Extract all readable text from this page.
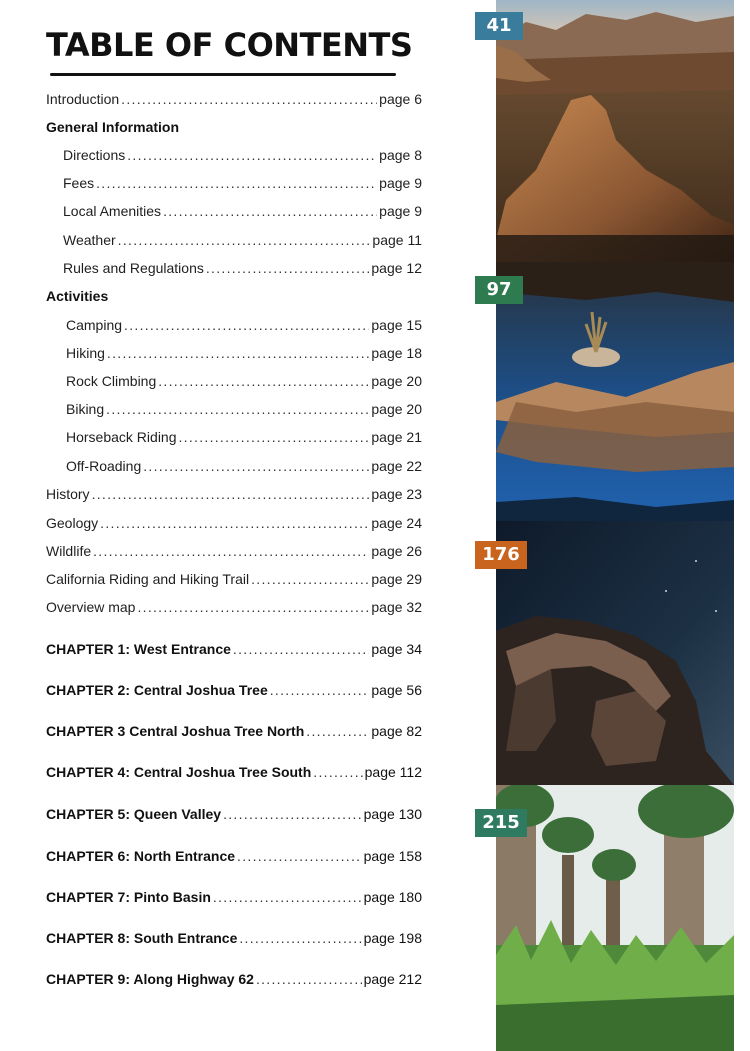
TABLE OF CONTENTS
Introduction . . .	page 6
General Information
Directions . . .	page 8
Fees . . .	page 9
Local Amenities . . .	page 9
Weather . . .	page 11
Rules and Regulations . . .	page 12
Activities
Camping . . .	page 15
Hiking . . .	page 18
Rock Climbing . . .	page 20
Biking . . .	page 20
Horseback Riding . . .	page 21
Off-Roading . . .	page 22
History . . .	page 23
Geology . . .	page 24
Wildlife . . .	page 26
California Riding and Hiking Trail . . .	page 29
Overview map . . .	page 32
CHAPTER 1: West Entrance . . .	page 34
CHAPTER 2: Central Joshua Tree . . .	page 56
CHAPTER 3 Central Joshua Tree North . . .	page 82
CHAPTER 4: Central Joshua Tree South . . .	page 112
CHAPTER 5: Queen Valley . . .	page 130
CHAPTER 6: North Entrance . . .	page 158
CHAPTER 7: Pinto Basin . . .	page 180
CHAPTER 8: South Entrance . . .	page 198
CHAPTER 9: Along Highway 62 . . .	page 212
41
97
176
215
